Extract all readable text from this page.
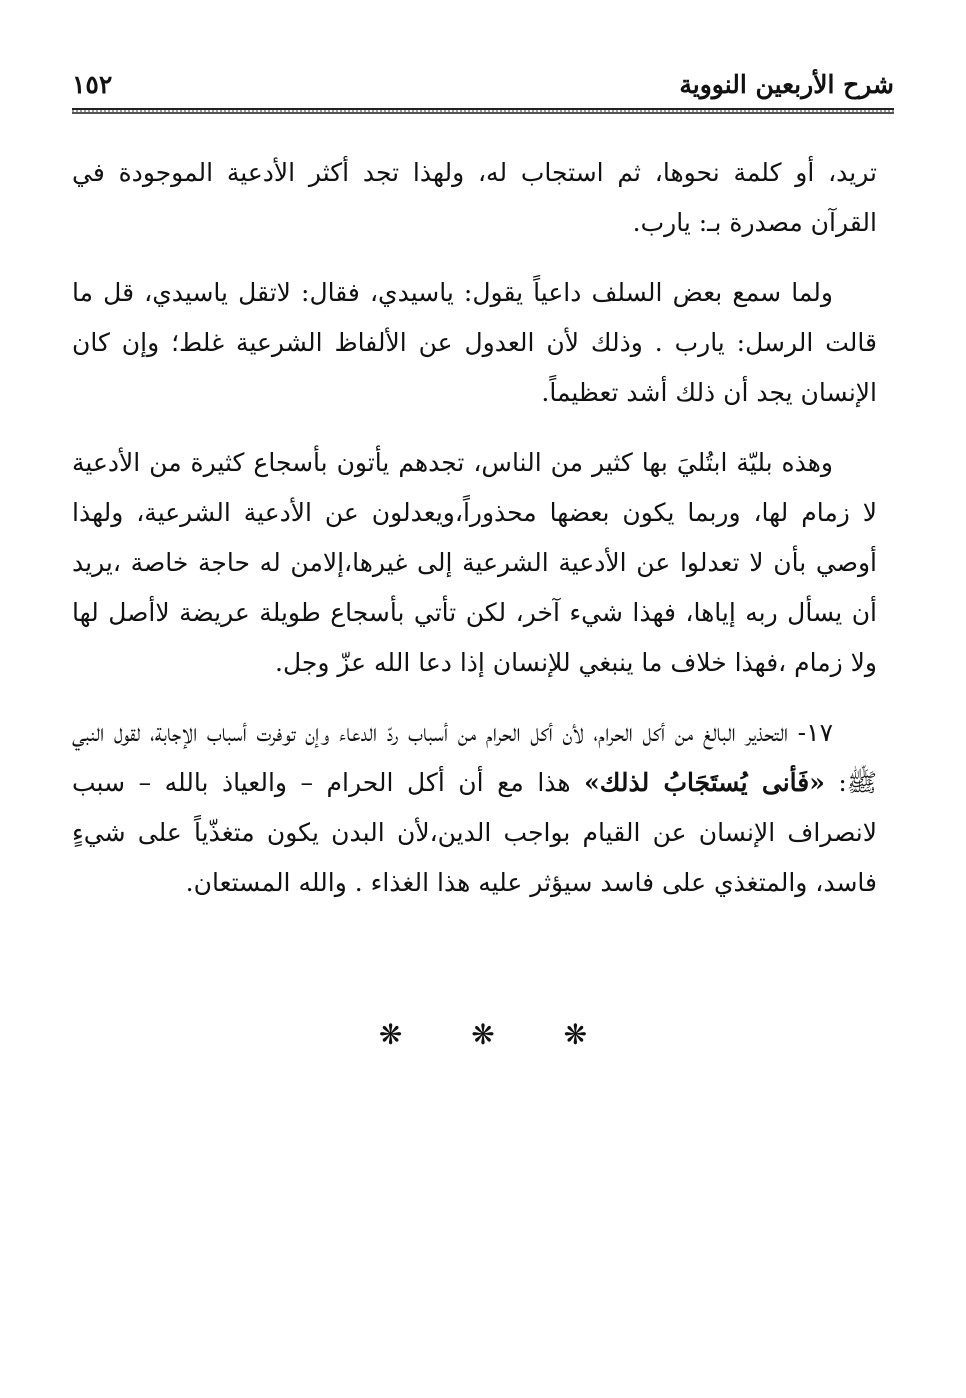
شرح الأربعين النووية
١٥٢

تريد، أو كلمة نحوها، ثم استجاب له، ولهذا تجد أكثر الأدعية الموجودة في القرآن مصدرة بـ: يارب.

ولما سمع بعض السلف داعياً يقول: ياسيدي، فقال: لاتقل ياسيدي، قل ما قالت الرسل: يارب . وذلك لأن العدول عن الألفاظ الشرعية غلط؛ وإن كان الإنسان يجد أن ذلك أشد تعظيماً.

وهذه بليّة ابتُليَ بها كثير من الناس، تجدهم يأتون بأسجاع كثيرة من الأدعية لا زمام لها، وربما يكون بعضها محذوراً،ويعدلون عن الأدعية الشرعية، ولهذا أوصي بأن لا تعدلوا عن الأدعية الشرعية إلى غيرها،إلامن له حاجة خاصة ،يريد أن يسأل ربه إياها، فهذا شيء آخر، لكن تأتي بأسجاع طويلة عريضة لاأصل لها ولا زمام ،فهذا خلاف ما ينبغي للإنسان إذا دعا الله عزّ وجل.

١٧- التحذير البالغ من أكل الحرام، لأن أكل الحرام من أسباب ردّ الدعاء وإن توفرت أسباب الإجابة، لقول النبي ﷺ: «فَأنى يُستَجَابُ لذلك» هذا مع أن أكل الحرام – والعياذ بالله – سبب لانصراف الإنسان عن القيام بواجب الدين،لأن البدن يكون متغذّياً على شيءٍ فاسد، والمتغذي على فاسد سيؤثر عليه هذا الغذاء . والله المستعان.

❋ ❋ ❋
